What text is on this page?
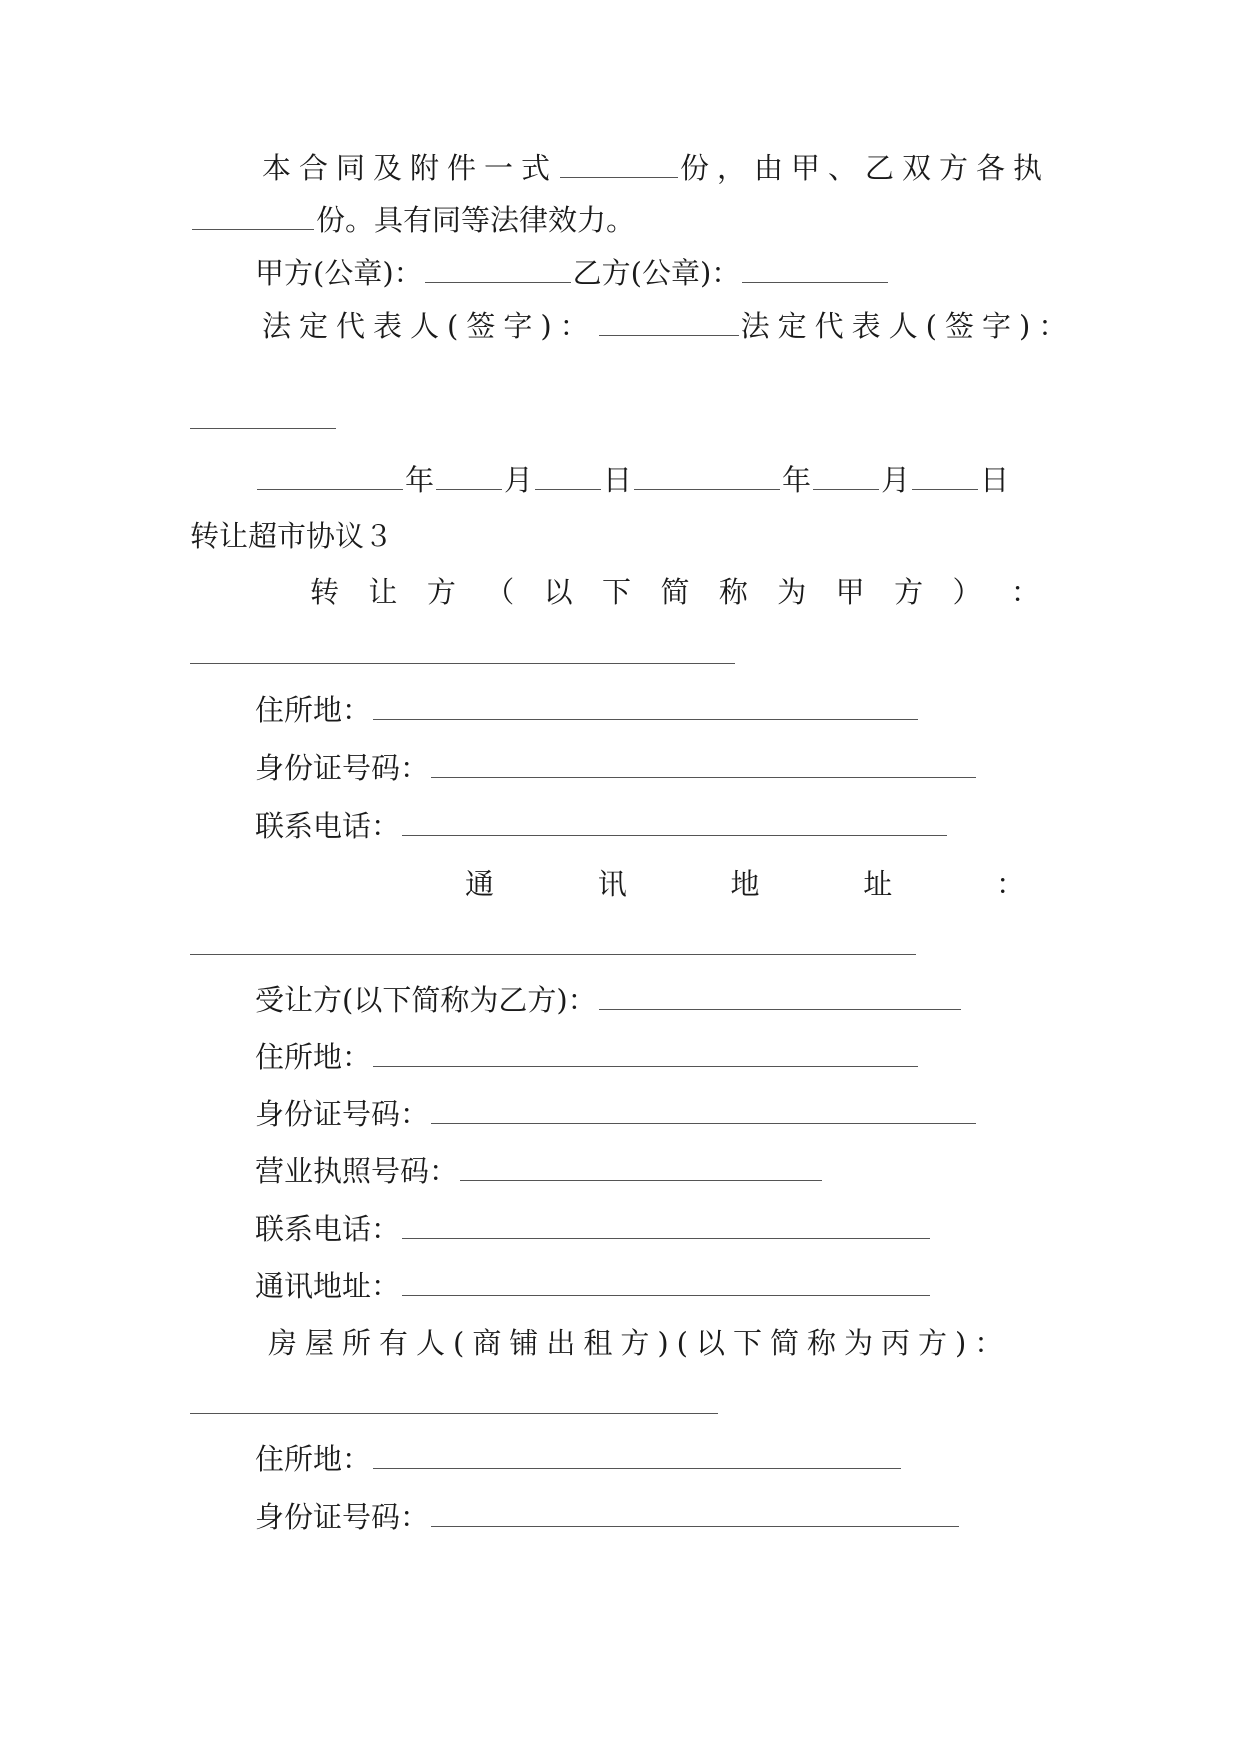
本合同及附件一式	份，由甲、乙双方各执
份。具有同等法律效力。
甲方(公章)：	乙方(公章)：
法定代表人(签字)：	法定代表人(签字)：
年 月 日	年 月 日
转让超市协议３
转 让 方 （ 以 下 简 称 为 甲 方 ） ：
住所地：
身份证号码：
联系电话：
通	讯	地	址	：
受让方(以下简称为乙方)：
住所地：
身份证号码：
营业执照号码：
联系电话：
通讯地址：
房屋所有人(商铺出租方)(以下简称为丙方)：
住所地：
身份证号码：
